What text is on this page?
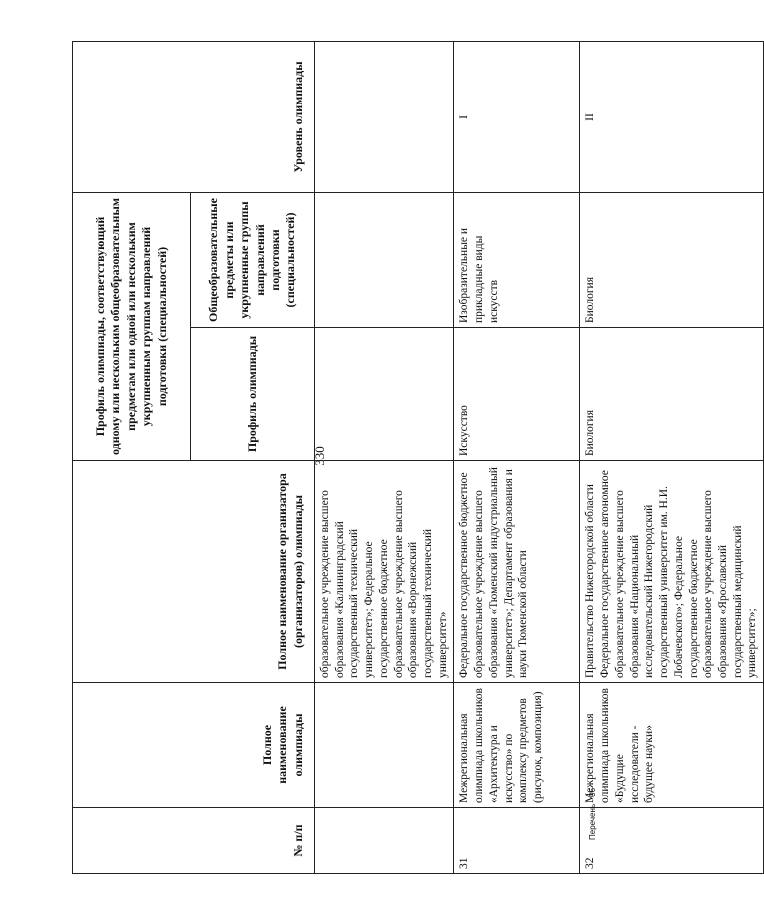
330
№ п/п	Полное наименование олимпиады	Полное наименование организатора (организаторов) олимпиады	Профиль олимпиады, соответствующий одному или нескольким общеобразовательным предметам или одной или нескольким укрупненным группам направлений подготовки (специальностей)		Уровень олимпиады
			Профиль олимпиады	Общеобразовательные предметы или укрупненные группы направлений подготовки (специальностей)	
		образовательное учреждение высшего образования «Калининградский государственный технический университет»; Федеральное государственное бюджетное образовательное учреждение высшего образования «Воронежский государственный технический университет»			
31	Межрегиональная олимпиада школьников «Архитектура и искусство» по комплексу предметов (рисунок, композиция)	Федеральное государственное бюджетное образовательное учреждение высшего образования «Тюменский индустриальный университет»; Департамент образования и науки Тюменской области	Искусство	Изобразительные и прикладные виды искусств	I
32	Межрегиональная олимпиада школьников «Будущие исследователи - будущее науки»	Правительство Нижегородской области Федеральное государственное автономное образовательное учреждение высшего образования «Национальный исследовательский Нижегородский государственный университет им. Н.И. Лобачевского»; Федеральное государственное бюджетное образовательное учреждение высшего образования «Ярославский государственный медицинский университет»;	Биология	Биология	II
Перечень - 06
